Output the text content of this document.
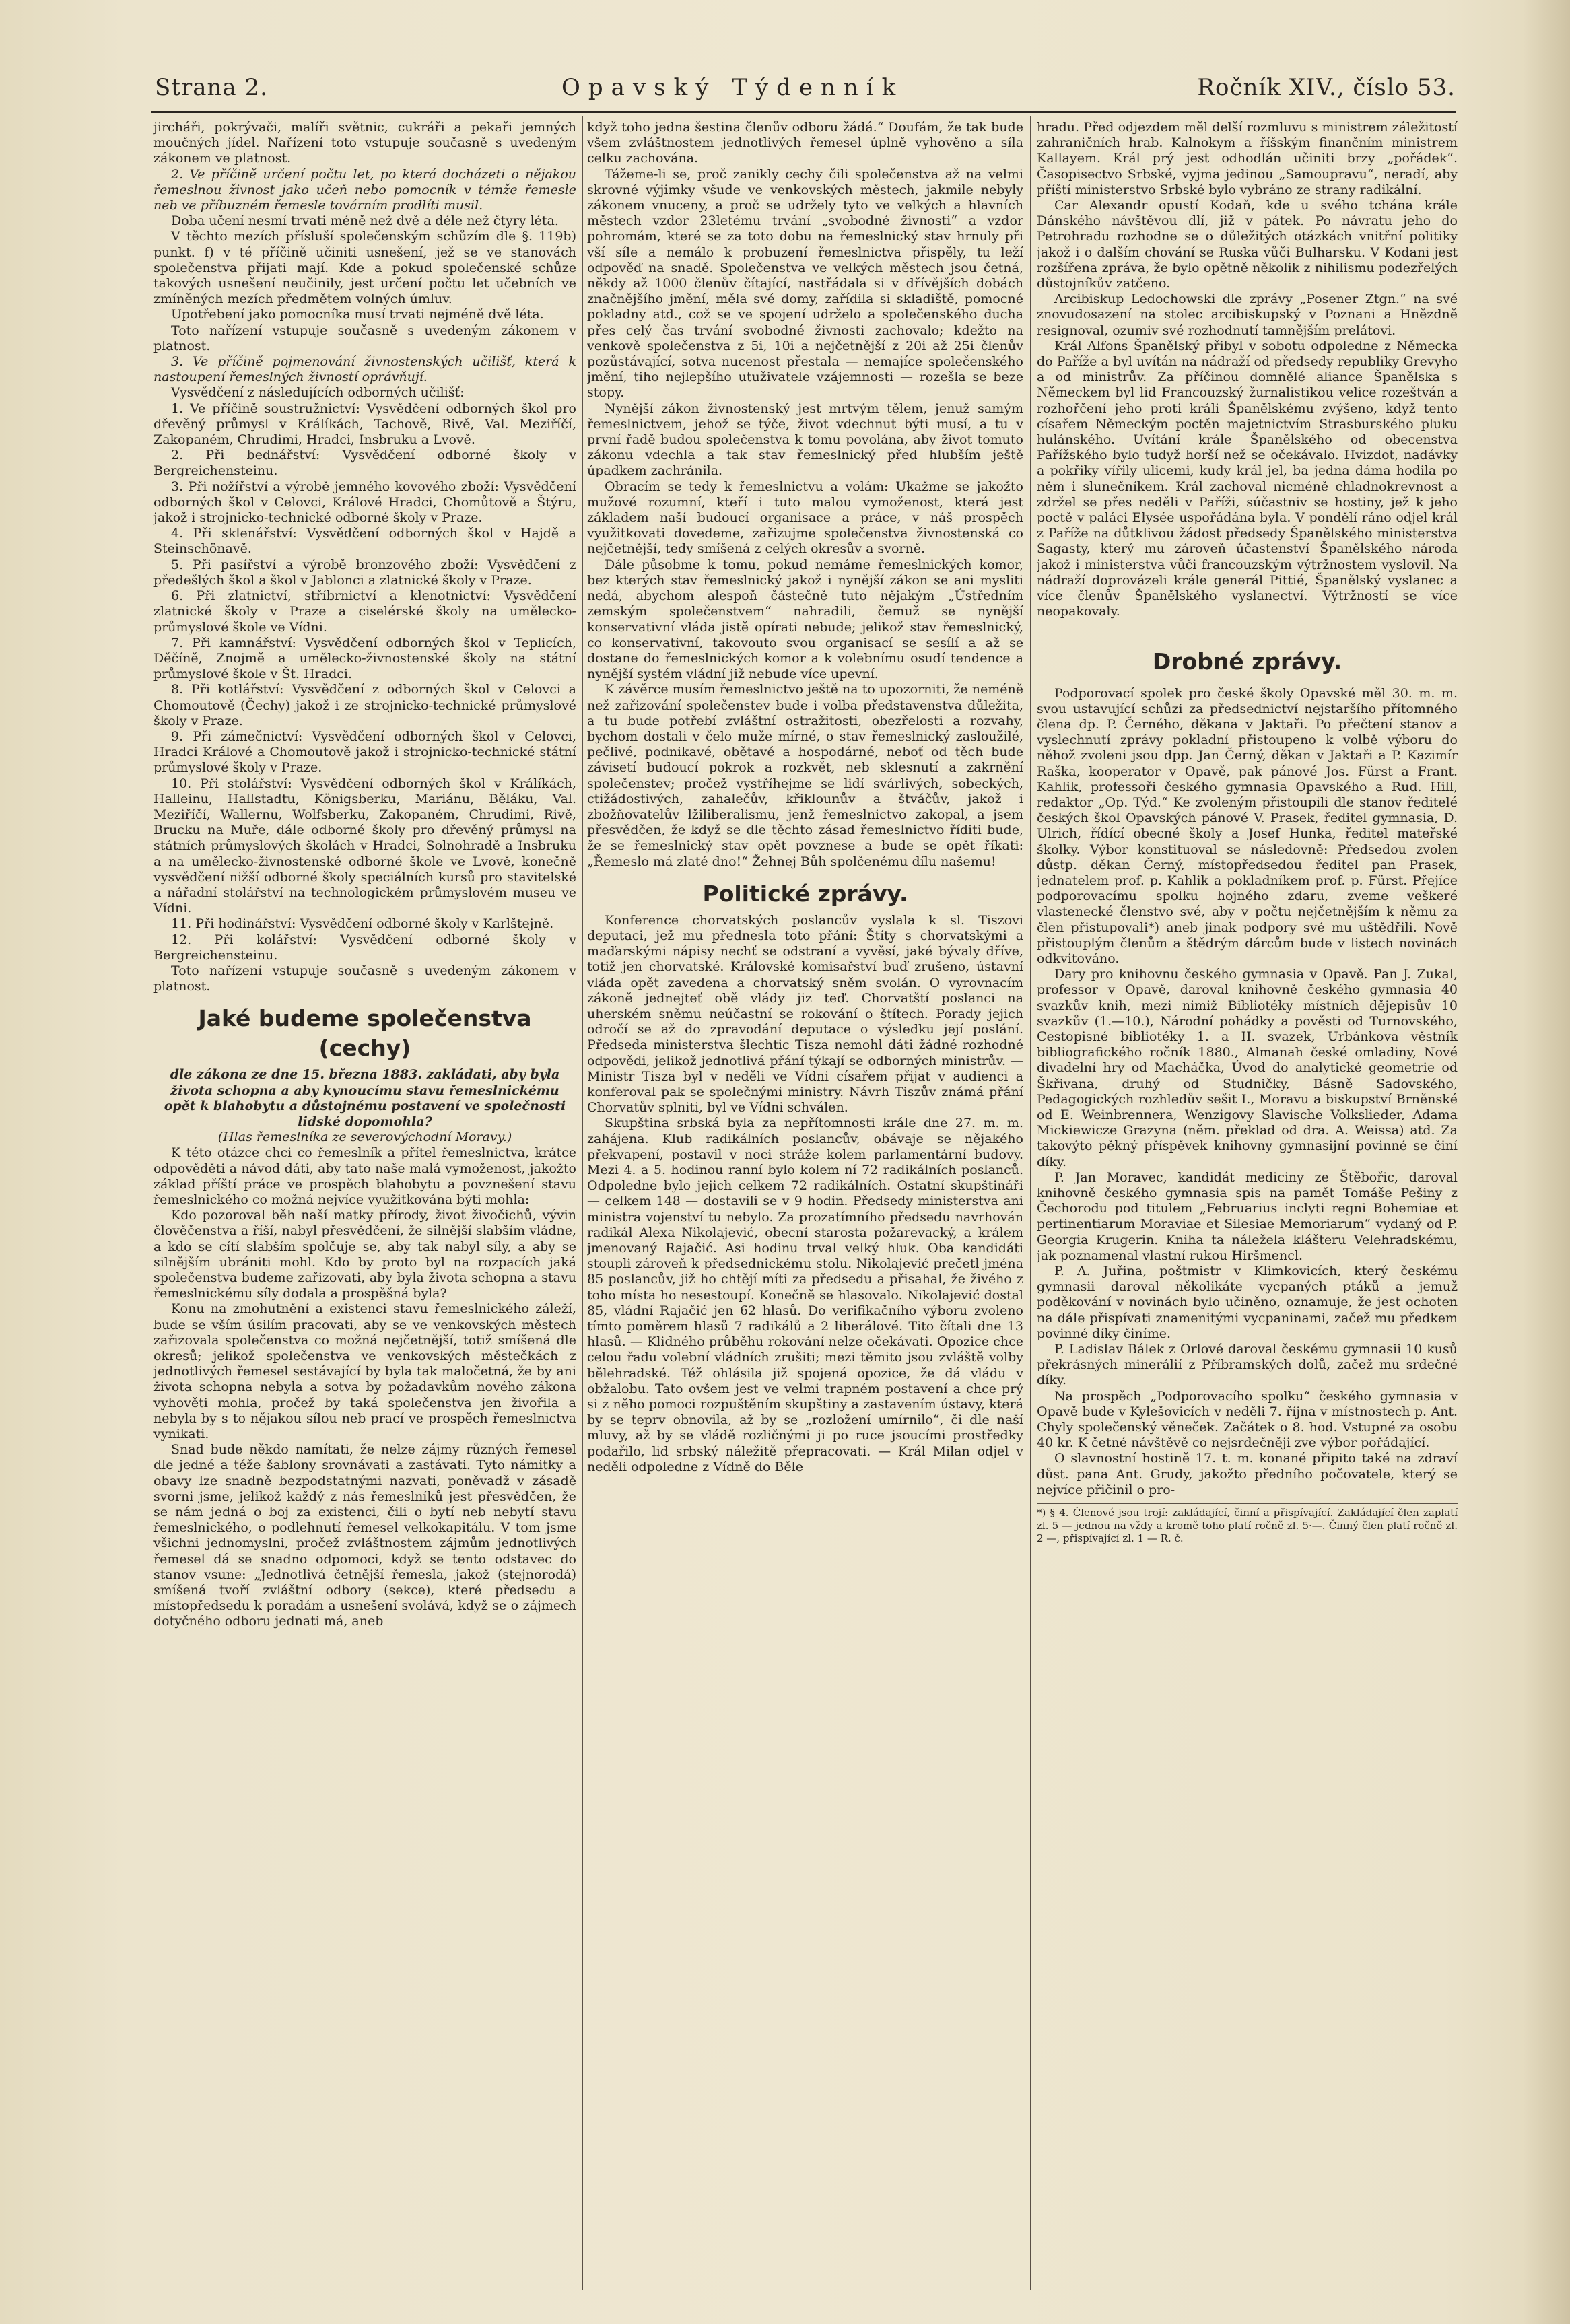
Strana 2.	Opavský Týdenník	Ročník XIV., číslo 53.

jircháři, pokrývači, malíři světnic, cukráři a pekaři jemných moučných jídel. Nařízení toto vstupuje současně s uvedeným zákonem ve platnost.

2. Ve příčině určení počtu let, po která docházeti o nějakou řemeslnou živnost jako učeň nebo pomocník v témže řemesle neb ve příbuzném řemesle továrním prodlíti musil.

Doba učení nesmí trvati méně než dvě a déle než čtyry léta.

V těchto mezích přísluší společenským schůzím dle §. 119b) punkt. f) v té příčině učiniti usnešení, jež se ve stanovách společenstva přijati mají. Kde a pokud společenské schůze takových usnešení neučinily, jest určení počtu let učebních ve zmíněných mezích předmětem volných úmluv.

Upotřebení jako pomocníka musí trvati nejméně dvě léta.

Toto nařízení vstupuje současně s uvedeným zákonem v platnost.

3. Ve příčině pojmenování živnostenských učilišť, která k nastoupení řemeslných živností oprávňují.

Vysvědčení z následujících odborných učilišť:

1. Ve příčině soustružnictví: Vysvědčení odborných škol pro dřevěný průmysl v Králíkách, Tachově, Rivě, Val. Meziříčí, Zakopaném, Chrudimi, Hradci, Insbruku a Lvově.

2. Při bednářství: Vysvědčení odborné školy v Bergreichensteinu.

3. Při nožířství a výrobě jemného kovového zboží: Vysvědčení odborných škol v Celovci, Králové Hradci, Chomůtově a Štýru, jakož i strojnicko-technické odborné školy v Praze.

4. Při sklenářství: Vysvědčení odborných škol v Hajdě a Steinschönavě.

5. Při pasířství a výrobě bronzového zboží: Vysvědčení z předešlých škol a škol v Jablonci a zlatnické školy v Praze.

6. Při zlatnictví, stříbrnictví a klenotnictví: Vysvědčení zlatnické školy v Praze a ciselérské školy na umělecko-průmyslové škole ve Vídni.

7. Při kamnářství: Vysvědčení odborných škol v Teplicích, Děčíně, Znojmě a umělecko-živnostenské školy na státní průmyslové škole v Št. Hradci.

8. Při kotlářství: Vysvědčení z odborných škol v Celovci a Chomoutově (Čechy) jakož i ze strojnicko-technické průmyslové školy v Praze.

9. Při zámečnictví: Vysvědčení odborných škol v Celovci, Hradci Králové a Chomoutově jakož i strojnicko-technické státní průmyslové školy v Praze.

10. Při stolářství: Vysvědčení odborných škol v Králíkách, Halleinu, Hallstadtu, Königsberku, Mariánu, Běláku, Val. Meziříčí, Wallernu, Wolfsberku, Zakopaném, Chrudimi, Rivě, Brucku na Muře, dále odborné školy pro dřevěný průmysl na státních průmyslových školách v Hradci, Solnohradě a Insbruku a na umělecko-živnostenské odborné škole ve Lvově, konečně vysvědčení nižší odborné školy speciálních kursů pro stavitelské a nářadní stolářství na technologickém průmyslovém museu ve Vídni.

11. Při hodinářství: Vysvědčení odborné školy v Karlštejně.

12. Při kolářství: Vysvědčení odborné školy v Bergreichensteinu.

Toto nařízení vstupuje současně s uvedeným zákonem v platnost.

Jaké budeme společenstva (cechy)

dle zákona ze dne 15. března 1883. zakládati, aby byla života schopna a aby kynoucímu stavu řemeslnickému opět k blahobytu a důstojnému postavení ve společnosti lidské dopomohla?

(Hlas řemeslníka ze severovýchodní Moravy.)

K této otázce chci co řemeslník a přítel řemeslnictva, krátce odpověděti a návod dáti, aby tato naše malá vymoženost, jakožto základ příští práce ve prospěch blahobytu a povznešení stavu řemeslnického co možná nejvíce využitkována býti mohla:

Kdo pozoroval běh naší matky přírody, život živočichů, vývin člověčenstva a říší, nabyl přesvědčení, že silnější slabším vládne, a kdo se cítí slabším spolčuje se, aby tak nabyl síly, a aby se silnějším ubrániti mohl. Kdo by proto byl na rozpacích jaká společenstva budeme zařizovati, aby byla života schopna a stavu řemeslnickému síly dodala a prospěšná byla?

Konu na zmohutnění a existenci stavu řemeslnického záleží, bude se vším úsilím pracovati, aby se ve venkovských městech zařizovala společenstva co možná nejčetnější, totiž smíšená dle okresů; jelikož společenstva ve venkovských městečkách z jednotlivých řemesel sestávající by byla tak maločetná, že by ani života schopna nebyla a sotva by požadavkům nového zákona vyhověti mohla, pročež by taká společenstva jen živořila a nebyla by s to nějakou sílou neb prací ve prospěch řemeslnictva vynikati.

Snad bude někdo namítati, že nelze zájmy různých řemesel dle jedné a téže šablony srovnávati a zastávati. Tyto námitky a obavy lze snadně bezpodstatnými nazvati, poněvadž v zásadě svorni jsme, jelikož každý z nás řemeslníků jest přesvědčen, že se nám jedná o boj za existenci, čili o bytí neb nebytí stavu řemeslnického, o podlehnutí řemesel velkokapitálu. V tom jsme všichni jednomyslni, pročež zvláštnostem zájmům jednotlivých řemesel dá se snadno odpomoci, když se tento odstavec do stanov vsune: „Jednotlivá četnější řemesla, jakož (stejnorodá) smíšená tvoří zvláštní odbory (sekce), které předsedu a místopředsedu k poradám a usnešení svolává, když se o zájmech dotyčného odboru jednati má, aneb

když toho jedna šestina členův odboru žádá.“ Doufám, že tak bude všem zvláštnostem jednotlivých řemesel úplně vyhověno a síla celku zachována.

Tážeme-li se, proč zanikly cechy čili společenstva až na velmi skrovné výjimky všude ve venkovských městech, jakmile nebyly zákonem vnuceny, a proč se udržely tyto ve velkých a hlavních městech vzdor 23letému trvání „svobodné živnosti“ a vzdor pohromám, které se za toto dobu na řemeslnický stav hrnuly při vší síle a nemálo k probuzení řemeslnictva přispěly, tu leží odpověď na snadě. Společenstva ve velkých městech jsou četná, někdy až 1000 členův čítající, nastřádala si v dřívějších dobách značnějšího jmění, měla své domy, zařídila si skladiště, pomocné pokladny atd., což se ve spojení udrželo a společenského ducha přes celý čas trvání svobodné živnosti zachovalo; kdežto na venkově společenstva z 5i, 10i a nejčetnější z 20i až 25i členův pozůstávající, sotva nucenost přestala — nemajíce společenského jmění, tiho nejlepšího utuživatele vzájemnosti — rozešla se beze stopy.

Nynější zákon živnostenský jest mrtvým tělem, jenuž samým řemeslnictvem, jehož se týče, život vdechnut býti musí, a tu v první řadě budou společenstva k tomu povolána, aby život tomuto zákonu vdechla a tak stav řemeslnický před hlubším ještě úpadkem zachránila.

Obracím se tedy k řemeslnictvu a volám: Ukažme se jakožto mužové rozumní, kteří i tuto malou vymoženost, která jest základem naší budoucí organisace a práce, v náš prospěch využitkovati dovedeme, zařizujme společenstva živnostenská co nejčetnější, tedy smíšená z celých okresův a svorně.

Dále působme k tomu, pokud nemáme řemeslnických komor, bez kterých stav řemeslnický jakož i nynější zákon se ani mysliti nedá, abychom alespoň částečně tuto nějakým „Ústředním zemským společenstvem“ nahradili, čemuž se nynější konservativní vláda jistě opírati nebude; jelikož stav řemeslnický, co konservativní, takovouto svou organisací se sesílí a až se dostane do řemeslnických komor a k volebnímu osudí tendence a nynější systém vládní již nebude více upevní.

K závěrce musím řemeslnictvo ještě na to upozorniti, že neméně než zařizování společenstev bude i volba představenstva důležita, a tu bude potřebí zvláštní ostražitosti, obezřelosti a rozvahy, bychom dostali v čelo muže mírné, o stav řemeslnický zasloužilé, pečlivé, podnikavé, obětavé a hospodárné, neboť od těch bude závisetí budoucí pokrok a rozkvět, neb sklesnutí a zakrnění společenstev; pročež vystříhejme se lidí svárlivých, sobeckých, ctižádostivých, zahalečův, křiklounův a štváčův, jakož i zbožňovatelův lžiliberalismu, jenž řemeslnictvo zakopal, a jsem přesvědčen, že když se dle těchto zásad řemeslnictvo říditi bude, že se řemeslnický stav opět povznese a bude se opět říkati: „Řemeslo má zlaté dno!“ Žehnej Bůh spolčenému dílu našemu!

Politické zprávy.

Konference chorvatských poslancův vyslala k sl. Tiszovi deputaci, jež mu přednesla toto přání: Štíty s chorvatskými a maďarskými nápisy nechť se odstraní a vyvěsí, jaké bývaly dříve, totiž jen chorvatské. Královské komisařství buď zrušeno, ústavní vláda opět zavedena a chorvatský sněm svolán. O vyrovnacím zákoně jednejteť obě vlády jiz teď. Chorvatští poslanci na uherském sněmu neúčastní se rokování o štítech. Porady jejich odročí se až do zpravodání deputace o výsledku její poslání. Předseda ministerstva šlechtic Tisza nemohl dáti žádné rozhodné odpovědi, jelikož jednotlivá přání týkají se odborných ministrův. — Ministr Tisza byl v neděli ve Vídni císařem přijat v audienci a konferoval pak se společnými ministry. Návrh Tiszův známá přání Chorvatův splniti, byl ve Vídni schválen.

Skupština srbská byla za nepřítomnosti krále dne 27. m. m. zahájena. Klub radikálních poslancův, obávaje se nějakého překvapení, postavil v noci stráže kolem parlamentární budovy. Mezi 4. a 5. hodinou ranní bylo kolem ní 72 radikálních poslanců. Odpoledne bylo jejich celkem 72 radikálních. Ostatní skupštináři — celkem 148 — dostavili se v 9 hodin. Předsedy ministerstva ani ministra vojenství tu nebylo. Za prozatímního předsedu navrhován radikál Alexa Nikolajević, obecní starosta požarevacký, a králem jmenovaný Rajačić. Asi hodinu trval velký hluk. Oba kandidáti stoupli zároveň k předsednickému stolu. Nikolajević prečetl jména 85 poslancův, již ho chtějí míti za předsedu a přisahal, že živého z toho místa ho nesestoupí. Konečně se hlasovalo. Nikolajević dostal 85, vládní Rajačić jen 62 hlasů. Do verifikačního výboru zvoleno tímto poměrem hlasů 7 radikálů a 2 liberálové. Tito čítali dne 13 hlasů. — Klidného průběhu rokování nelze očekávati. Opozice chce celou řadu volební vládních zrušiti; mezi těmito jsou zvláště volby bělehradské. Též ohlásila již spojená opozice, že dá vládu v obžalobu. Tato ovšem jest ve velmi trapném postavení a chce prý si z něho pomoci rozpuštěním skupštiny a zastavením ústavy, která by se teprv obnovila, až by se „rozložení umírnilo“, či dle naší mluvy, až by se vládě rozličnými ji po ruce jsoucími prostředky podařilo, lid srbský náležitě přepracovati. — Král Milan odjel v neděli odpoledne z Vídně do Běle

hradu. Před odjezdem měl delší rozmluvu s ministrem záležitostí zahraničních hrab. Kalnokym a říšským finančním ministrem Kallayem. Král prý jest odhodlán učiniti brzy „pořádek“. Časopisectvo Srbské, vyjma jedinou „Samoupravu“, neradí, aby příští ministerstvo Srbské bylo vybráno ze strany radikální.

Car Alexandr opustí Kodaň, kde u svého tchána krále Dánského návštěvou dlí, již v pátek. Po návratu jeho do Petrohradu rozhodne se o důležitých otázkách vnitřní politiky jakož i o dalším chování se Ruska vůči Bulharsku. V Kodani jest rozšířena zpráva, že bylo opětně několik z nihilismu podezřelých důstojníkův zatčeno.

Arcibiskup Ledochowski dle zprávy „Posener Ztgn.“ na své znovudosazení na stolec arcibiskupský v Poznani a Hnězdně resignoval, ozumiv své rozhodnutí tamnějším prelátovi.

Král Alfons Španělský přibyl v sobotu odpoledne z Německa do Paříže a byl uvítán na nádraží od předsedy republiky Grevyho a od ministrův. Za příčinou domnělé aliance Španělska s Německem byl lid Francouzský žurnalistikou velice rozeštván a rozhořčení jeho proti králi Španělskému zvýšeno, když tento císařem Německým poctěn majetnictvím Strasburského pluku hulánského. Uvítání krále Španělského od obecenstva Pařížského bylo tudyž horší než se očekávalo. Hvizdot, nadávky a pokřiky vířily ulicemi, kudy král jel, ba jedna dáma hodila po něm i slunečníkem. Král zachoval nicméně chladnokrevnost a zdržel se přes neděli v Paříži, súčastniv se hostiny, jež k jeho poctě v paláci Elysée uspořádána byla. V pondělí ráno odjel král z Paříže na důtklivou žádost předsedy Španělského ministerstva Sagasty, který mu zároveň účastenství Španělského národa jakož i ministerstva vůči francouzským výtržnostem vyslovil. Na nádraží doprovázeli krále generál Pittié, Španělský vyslanec a více členův Španělského vyslanectví. Výtržností se více neopakovaly.

Drobné zprávy.

Podporovací spolek pro české školy Opavské měl 30. m. m. svou ustavující schůzi za předsednictví nejstaršího přítomného člena dp. P. Černého, děkana v Jaktaři. Po přečtení stanov a vyslechnutí zprávy pokladní přistoupeno k volbě výboru do něhož zvoleni jsou dpp. Jan Černý, děkan v Jaktaři a P. Kazimír Raška, kooperator v Opavě, pak pánové Jos. Fürst a Frant. Kahlik, professoři českého gymnasia Opavského a Rud. Hill, redaktor „Op. Týd.“ Ke zvoleným přistoupili dle stanov ředitelé českých škol Opavských pánové V. Prasek, ředitel gymnasia, D. Ulrich, řídící obecné školy a Josef Hunka, ředitel mateřské školky. Výbor konstituoval se následovně: Předsedou zvolen důstp. děkan Černý, místopředsedou ředitel pan Prasek, jednatelem prof. p. Kahlik a pokladníkem prof. p. Fürst. Přejíce podporovacímu spolku hojného zdaru, zveme veškeré vlastenecké členstvo své, aby v počtu nejčetnějším k němu za člen přistupovali*) aneb jinak podpory své mu uštědřili. Nově přistouplým členům a štědrým dárcům bude v listech novinách odkvitováno.

Dary pro knihovnu českého gymnasia v Opavě. Pan J. Zukal, professor v Opavě, daroval knihovně českého gymnasia 40 svazkův knih, mezi nimiž Bibliotéky místních dějepisův 10 svazkův (1.—10.), Národní pohádky a pověsti od Turnovského, Cestopisné bibliotéky 1. a II. svazek, Urbánkova věstník bibliografického ročník 1880., Almanah české omladiny, Nové divadelní hry od Macháčka, Úvod do analytické geometrie od Škřivana, druhý od Studničky, Básně Sadovského, Pedagogických rozhledův sešit I., Moravu a biskupství Brněnské od E. Weinbrennera, Wenzigovy Slavische Volkslieder, Adama Mickiewicze Grazyna (něm. překlad od dra. A. Weissa) atd. Za takovýto pěkný příspěvek knihovny gymnasijní povinné se činí díky.

P. Jan Moravec, kandidát mediciny ze Štěbořic, daroval knihovně českého gymnasia spis na pamět Tomáše Pešiny z Čechorodu pod titulem „Februarius inclyti regni Bohemiae et pertinentiarum Moraviae et Silesiae Memoriarum“ vydaný od P. Georgia Krugerin. Kniha ta náležela klášteru Velehradskému, jak poznamenal vlastní rukou Hiršmencl.

P. A. Juřina, poštmistr v Klimkovicích, který českému gymnasii daroval několikáte vycpaných ptáků a jemuž poděkování v novinách bylo učiněno, oznamuje, že jest ochoten na dále přispívati znamenitými vycpaninami, začež mu předkem povinné díky činíme.

P. Ladislav Bálek z Orlové daroval českému gymnasii 10 kusů překrásných minerálií z Příbramských dolů, začež mu srdečné díky.

Na prospěch „Podporovacího spolku“ českého gymnasia v Opavě bude v Kylešovicích v neděli 7. října v místnostech p. Ant. Chyly společenský věneček. Začátek o 8. hod. Vstupné za osobu 40 kr. K četné návštěvě co nejsrdečněji zve výbor pořádající.

O slavnostní hostině 17. t. m. konané připito také na zdraví důst. pana Ant. Grudy, jakožto předního počovatele, který se nejvíce přičinil o pro-

*) § 4. Členové jsou trojí: zakládající, činní a přispívající. Zakládající člen zaplatí zl. 5 — jednou na vždy a kromě toho platí ročně zl. 5·—. Činný člen platí ročně zl. 2 —, přispívající zl. 1 — R. č.
